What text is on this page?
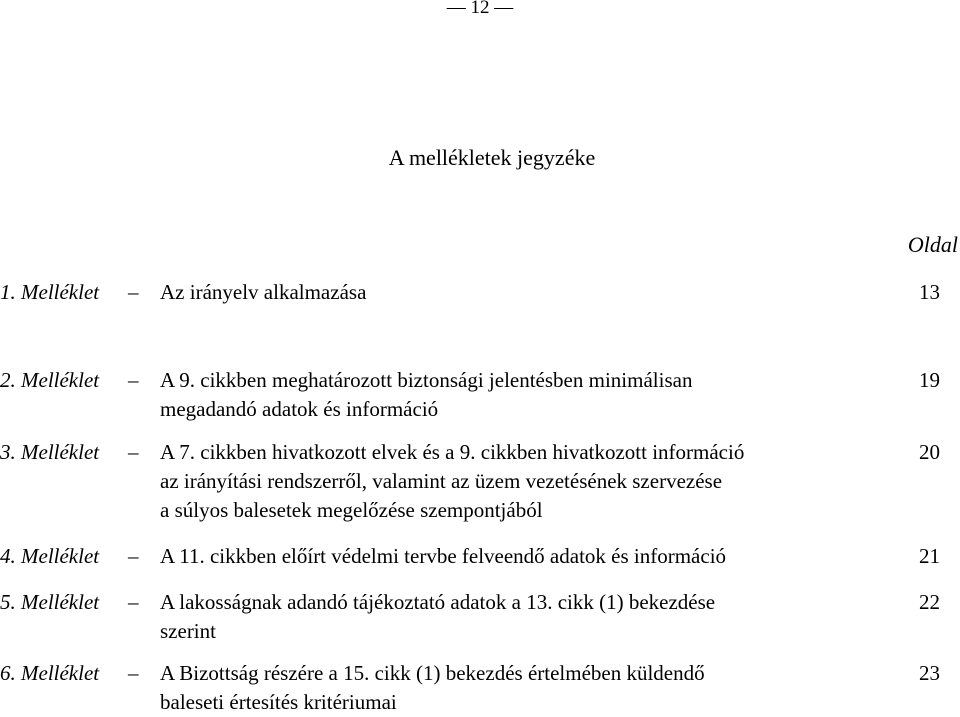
— 12 —
A mellékletek jegyzéke
Oldal
1. Melléklet – Az irányelv alkalmazása	13
2. Melléklet – A 9. cikkben meghatározott biztonsági jelentésben minimálisan
megadandó adatok és információ
19
3. Melléklet – A 7. cikkben hivatkozott elvek és a 9. cikkben hivatkozott információ
az irányítási rendszerről, valamint az üzem vezetésének szervezése
a súlyos balesetek megelőzése szempontjából
20
4. Melléklet – A 11. cikkben előírt védelmi tervbe felveendő adatok és információ	21
5. Melléklet – A lakosságnak adandó tájékoztató adatok a 13. cikk (1) bekezdése
szerint
22
6. Melléklet – A Bizottság részére a 15. cikk (1) bekezdés értelmében küldendő
baleseti értesítés kritériumai
23
